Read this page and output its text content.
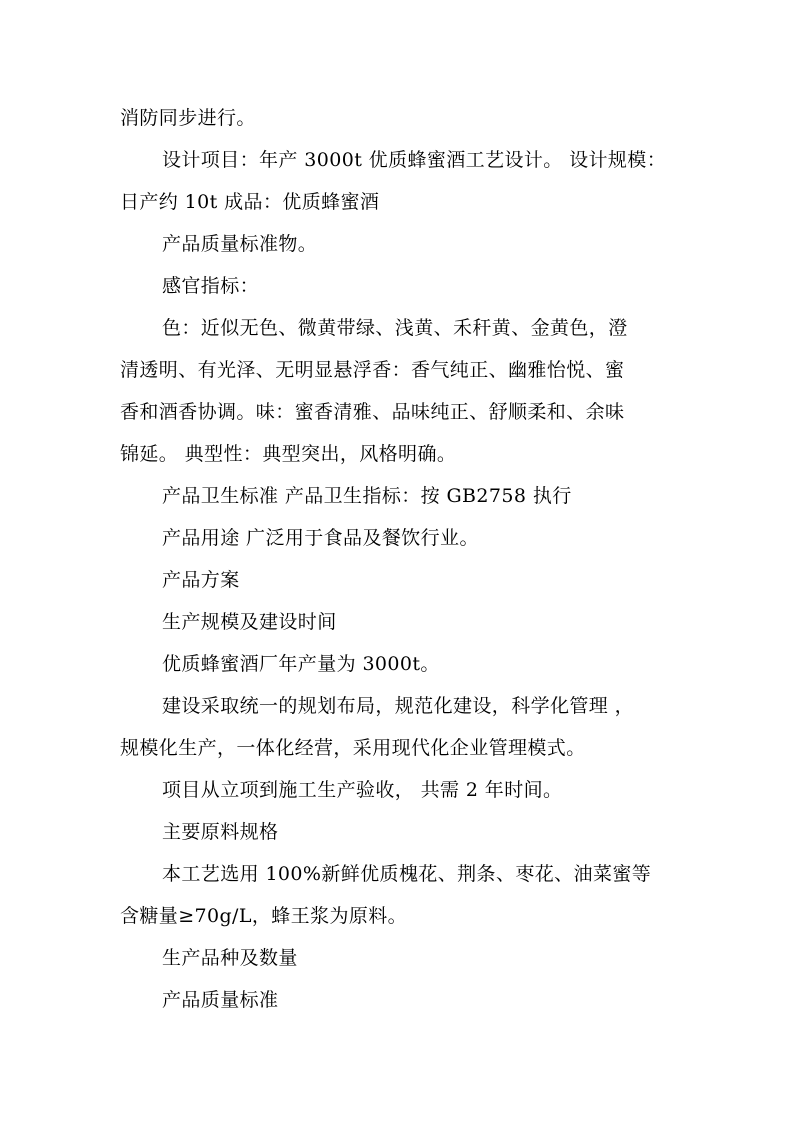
消防同步进行。
设计项目：年产 3000t 优质蜂蜜酒工艺设计。 设计规模：
日产约 10t 成品：优质蜂蜜酒
产品质量标准物。
感官指标：
色：近似无色、微黄带绿、浅黄、禾秆黄、金黄色，澄
清透明、有光泽、无明显悬浮香：香气纯正、幽雅怡悦、蜜
香和酒香协调。味：蜜香清雅、品味纯正、舒顺柔和、余味
锦延。 典型性：典型突出，风格明确。
产品卫生标准 产品卫生指标：按 GB2758 执行
产品用途 广泛用于食品及餐饮行业。
产品方案
生产规模及建设时间
优质蜂蜜酒厂年产量为 3000t。
建设采取统一的规划布局，规范化建设，科学化管理 ，
规模化生产，一体化经营，采用现代化企业管理模式。
项目从立项到施工生产验收， 共需 2 年时间。
主要原料规格
本工艺选用 100%新鲜优质槐花、荆条、枣花、油菜蜜等
含糖量≥70g/L，蜂王浆为原料。
生产品种及数量
产品质量标准
